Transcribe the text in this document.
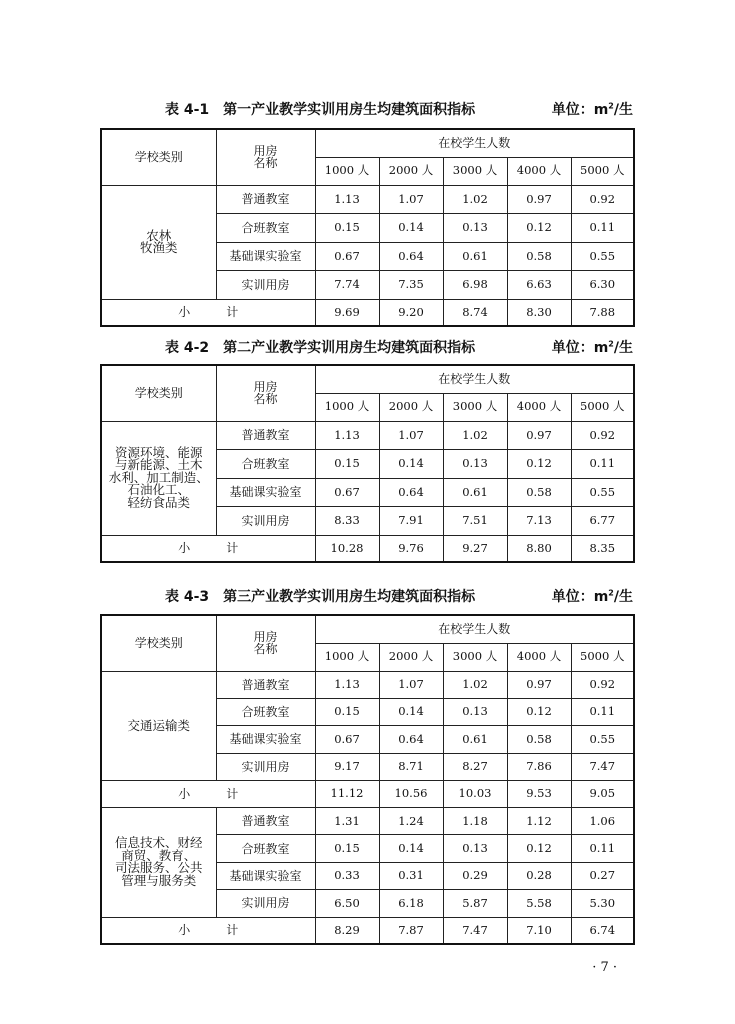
表 4-1  第一产业教学实训用房生均建筑面积指标	单位：$m^2/$生
学校类别	用房
名称	在校学生人数				
		1000 人	2000 人	3000 人	4000 人	5000 人

农林
牧渔类	普通教室	1.13	1.07	1.02	0.97	0.92
	合班教室	0.15	0.14	0.13	0.12	0.11
	基础课实验室	0.67	0.64	0.61	0.58	0.55
	实训用房	7.74	7.35	6.98	6.63	6.30
小 计		9.69	9.20	8.74	8.30	7.88
表 4-2  第二产业教学实训用房生均建筑面积指标	单位：$m^2/$生
学校类别	用房
名称	在校学生人数				
		1000 人	2000 人	3000 人	4000 人	5000 人

资源环境、能源
与新能源、土木
水利、加工制造、
石油化工、
轻纺食品类	普通教室	1.13	1.07	1.02	0.97	0.92
	合班教室	0.15	0.14	0.13	0.12	0.11
	基础课实验室	0.67	0.64	0.61	0.58	0.55
	实训用房	8.33	7.91	7.51	7.13	6.77
小 计		10.28	9.76	9.27	8.80	8.35
表 4-3  第三产业教学实训用房生均建筑面积指标	单位：$m^2/$生
学校类别	用房
名称	在校学生人数				
		1000 人	2000 人	3000 人	4000 人	5000 人

交通运输类	普通教室	1.13	1.07	1.02	0.97	0.92
	合班教室	0.15	0.14	0.13	0.12	0.11
	基础课实验室	0.67	0.64	0.61	0.58	0.55
	实训用房	9.17	8.71	8.27	7.86	7.47
小 计		11.12	10.56	10.03	9.53	9.05

信息技术、财经
商贸、教育、
司法服务、公共
管理与服务类	普通教室	1.31	1.24	1.18	1.12	1.06
	合班教室	0.15	0.14	0.13	0.12	0.11
	基础课实验室	0.33	0.31	0.29	0.28	0.27
	实训用房	6.50	6.18	5.87	5.58	5.30
小 计		8.29	7.87	7.47	7.10	6.74
· 7 ·
